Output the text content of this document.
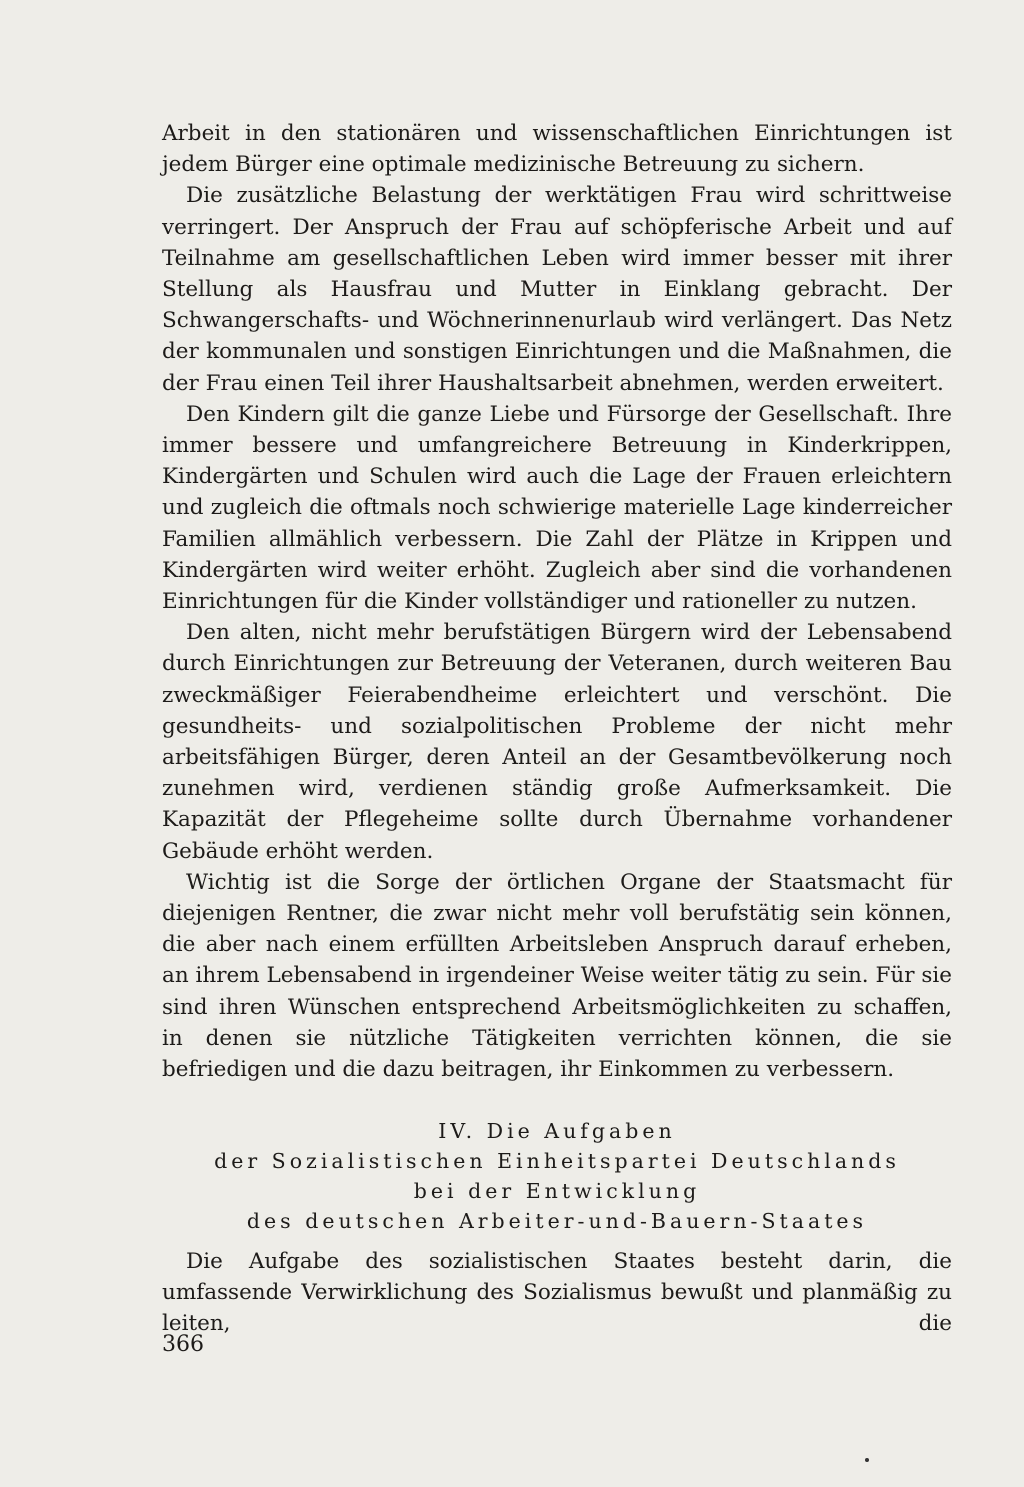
Arbeit in den stationären und wissenschaftlichen Einrichtungen ist jedem Bürger eine optimale medizinische Betreuung zu sichern.

Die zusätzliche Belastung der werktätigen Frau wird schrittweise verringert. Der Anspruch der Frau auf schöpferische Arbeit und auf Teilnahme am gesellschaftlichen Leben wird immer besser mit ihrer Stellung als Hausfrau und Mutter in Einklang gebracht. Der Schwangerschafts- und Wöchnerinnenurlaub wird verlängert. Das Netz der kommunalen und sonstigen Einrichtungen und die Maßnahmen, die der Frau einen Teil ihrer Haushaltsarbeit abnehmen, werden erweitert.

Den Kindern gilt die ganze Liebe und Fürsorge der Gesellschaft. Ihre immer bessere und umfangreichere Betreuung in Kinderkrippen, Kindergärten und Schulen wird auch die Lage der Frauen erleichtern und zugleich die oftmals noch schwierige materielle Lage kinderreicher Familien allmählich verbessern. Die Zahl der Plätze in Krippen und Kindergärten wird weiter erhöht. Zugleich aber sind die vorhandenen Einrichtungen für die Kinder vollständiger und rationeller zu nutzen.

Den alten, nicht mehr berufstätigen Bürgern wird der Lebensabend durch Einrichtungen zur Betreuung der Veteranen, durch weiteren Bau zweckmäßiger Feierabendheime erleichtert und verschönt. Die gesundheits- und sozialpolitischen Probleme der nicht mehr arbeitsfähigen Bürger, deren Anteil an der Gesamtbevölkerung noch zunehmen wird, verdienen ständig große Aufmerksamkeit. Die Kapazität der Pflegeheime sollte durch Übernahme vorhandener Gebäude erhöht werden.

Wichtig ist die Sorge der örtlichen Organe der Staatsmacht für diejenigen Rentner, die zwar nicht mehr voll berufstätig sein können, die aber nach einem erfüllten Arbeitsleben Anspruch darauf erheben, an ihrem Lebensabend in irgendeiner Weise weiter tätig zu sein. Für sie sind ihren Wünschen entsprechend Arbeitsmöglichkeiten zu schaffen, in denen sie nützliche Tätigkeiten verrichten können, die sie befriedigen und die dazu beitragen, ihr Einkommen zu verbessern.

IV. Die Aufgaben
der Sozialistischen Einheitspartei Deutschlands
bei der Entwicklung
des deutschen Arbeiter-und-Bauern-Staates

Die Aufgabe des sozialistischen Staates besteht darin, die umfassende Verwirklichung des Sozialismus bewußt und planmäßig zu leiten, die

366
